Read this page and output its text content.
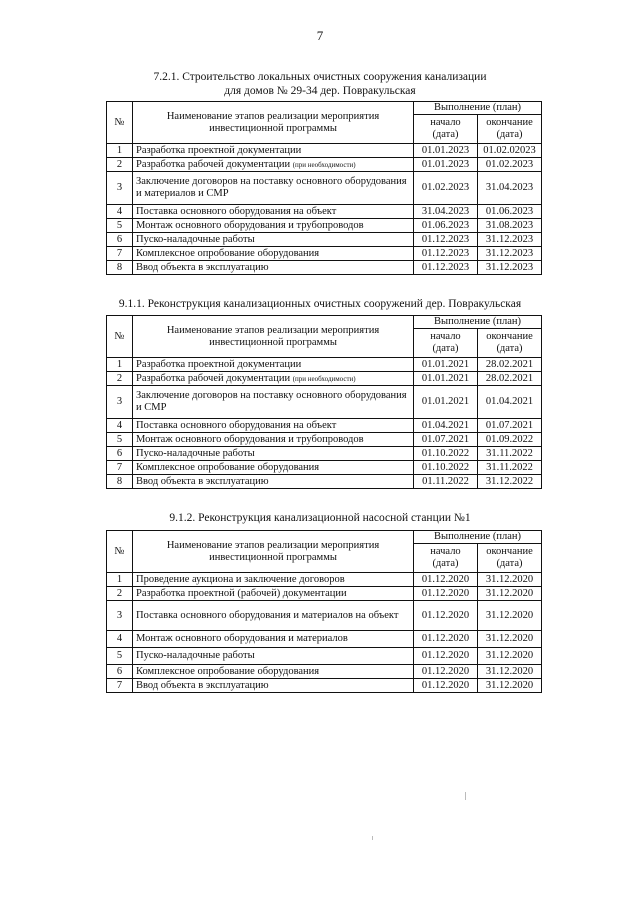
7
7.2.1. Строительство локальных очистных сооружения канализации
для домов № 29-34 дер. Повракульская
№	Наименование этапов реализации мероприятия инвестиционной программы	Выполнение (план)	
		начало (дата)	окончание (дата)

1	Разработка проектной документации	01.01.2023	01.02.02023
2	Разработка рабочей документации (при необходимости)	01.01.2023	01.02.2023
3	Заключение договоров на поставку основного оборудования и материалов и СМР	01.02.2023	31.04.2023
4	Поставка основного оборудования на объект	31.04.2023	01.06.2023
5	Монтаж основного оборудования и трубопроводов	01.06.2023	31.08.2023
6	Пуско-наладочные работы	01.12.2023	31.12.2023
7	Комплексное опробование оборудования	01.12.2023	31.12.2023
8	Ввод объекта в эксплуатацию	01.12.2023	31.12.2023
9.1.1. Реконструкция канализационных очистных сооружений дер. Повракульская
№	Наименование этапов реализации мероприятия инвестиционной программы	Выполнение (план)	
		начало (дата)	окончание (дата)

1	Разработка проектной документации	01.01.2021	28.02.2021
2	Разработка рабочей документации (при необходимости)	01.01.2021	28.02.2021
3	Заключение договоров на поставку основного оборудования и СМР	01.01.2021	01.04.2021
4	Поставка основного оборудования на объект	01.04.2021	01.07.2021
5	Монтаж основного оборудования и трубопроводов	01.07.2021	01.09.2022
6	Пуско-наладочные работы	01.10.2022	31.11.2022
7	Комплексное опробование оборудования	01.10.2022	31.11.2022
8	Ввод объекта в эксплуатацию	01.11.2022	31.12.2022
9.1.2. Реконструкция канализационной насосной станции №1
№	Наименование этапов реализации мероприятия инвестиционной программы	Выполнение (план)	
		начало (дата)	окончание (дата)

1	Проведение аукциона и заключение договоров	01.12.2020	31.12.2020
2	Разработка проектной (рабочей) документации	01.12.2020	31.12.2020
3	Поставка основного оборудования и материалов на объект	01.12.2020	31.12.2020
4	Монтаж основного оборудования и материалов	01.12.2020	31.12.2020
5	Пуско-наладочные работы	01.12.2020	31.12.2020
6	Комплексное опробование оборудования	01.12.2020	31.12.2020
7	Ввод объекта в эксплуатацию	01.12.2020	31.12.2020
